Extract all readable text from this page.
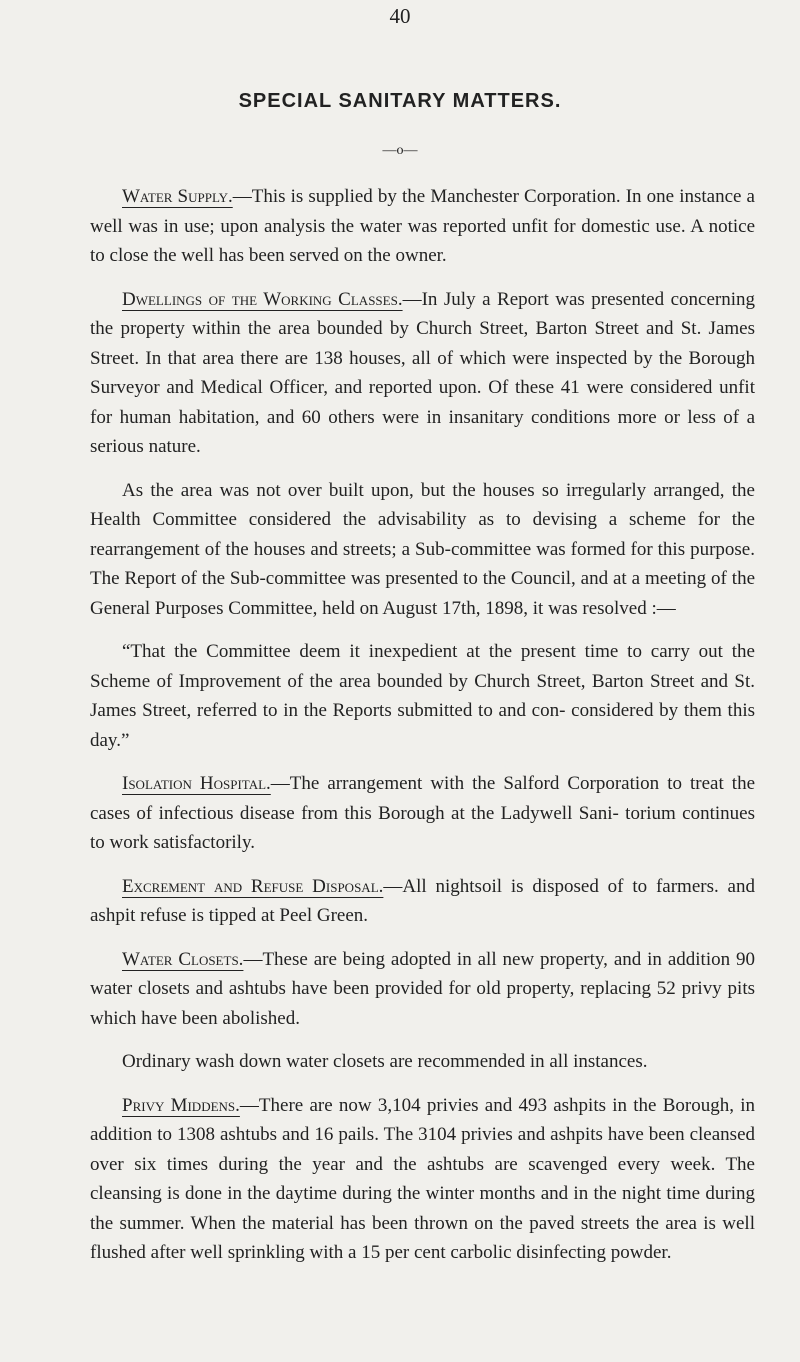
40
SPECIAL SANITARY MATTERS.
—o—

Water Supply.—This is supplied by the Manchester Corporation. In one instance a well was in use; upon analysis the water was reported unfit for domestic use. A notice to close the well has been served on the owner.

Dwellings of the Working Classes.—In July a Report was presented concerning the property within the area bounded by Church Street, Barton Street and St. James Street. In that area there are 138 houses, all of which were inspected by the Borough Surveyor and Medical Officer, and reported upon. Of these 41 were considered unfit for human habitation, and 60 others were in insanitary conditions more or less of a serious nature.

As the area was not over built upon, but the houses so irregularly arranged, the Health Committee considered the advisability as to devising a scheme for the rearrangement of the houses and streets; a Sub-committee was formed for this purpose. The Report of the Sub-committee was presented to the Council, and at a meeting of the General Purposes Committee, held on August 17th, 1898, it was resolved :—

“That the Committee deem it inexpedient at the present time to carry out the Scheme of Improvement of the area bounded by Church Street, Barton Street and St. James Street, referred to in the Reports submitted to and con- considered by them this day.”

Isolation Hospital.—The arrangement with the Salford Corporation to treat the cases of infectious disease from this Borough at the Ladywell Sani- torium continues to work satisfactorily.

Excrement and Refuse Disposal.—All nightsoil is disposed of to farmers. and ashpit refuse is tipped at Peel Green.

Water Closets.—These are being adopted in all new property, and in addition 90 water closets and ashtubs have been provided for old property, replacing 52 privy pits which have been abolished.

Ordinary wash down water closets are recommended in all instances.

Privy Middens.—There are now 3,104 privies and 493 ashpits in the Borough, in addition to 1308 ashtubs and 16 pails. The 3104 privies and ashpits have been cleansed over six times during the year and the ashtubs are scavenged every week. The cleansing is done in the daytime during the winter months and in the night time during the summer. When the material has been thrown on the paved streets the area is well flushed after well sprinkling with a 15 per cent carbolic disinfecting powder.
